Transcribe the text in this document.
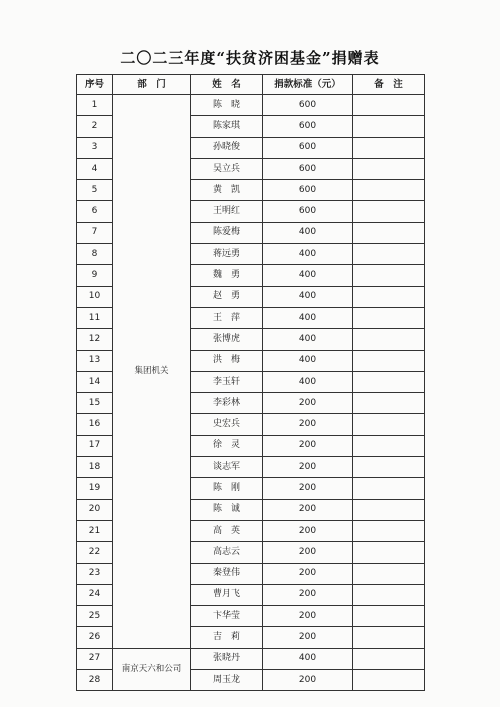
二〇二三年度“扶贫济困基金”捐赠表
序号	部　门	姓　名	捐款标准（元）	备　注
1	集团机关	陈　晓	600	
2		陈家琪	600	
3		孙晓俊	600	
4		吴立兵	600	
5		黄　凯	600	
6		王明红	600	
7		陈爱梅	400	
8		蒋远勇	400	
9		魏　勇	400	
10		赵　勇	400	
11		王　萍	400	
12		张博虎	400	
13		洪　梅	400	
14		李玉轩	400	
15		李彩林	200	
16		史宏兵	200	
17		徐　灵	200	
18		谈志军	200	
19		陈　刚	200	
20		陈　诚	200	
21		高　英	200	
22		高志云	200	
23		秦登伟	200	
24		曹月飞	200	
25		卞华莹	200	
26		吉　莉	200	
27	南京天六和公司	张晓丹	400	
28		周玉龙	200	
